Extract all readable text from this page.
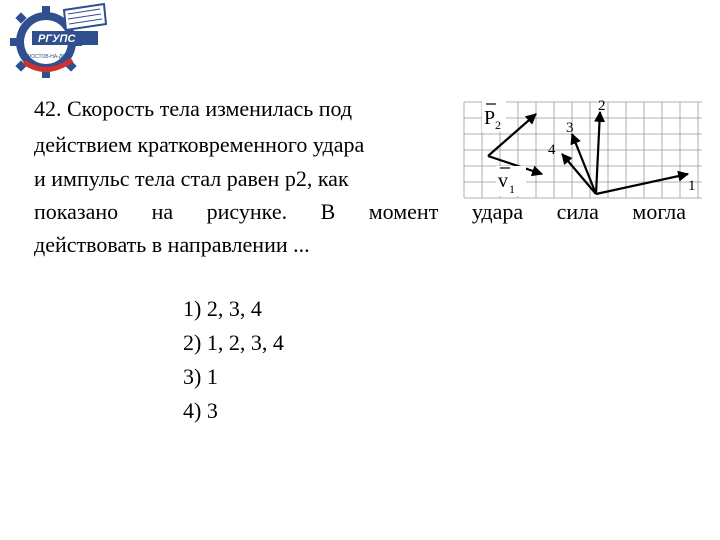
РГУПС
РОСТОВ-НА-ДОНУ
42. Скорость тела изменилась под
действием кратковременного удара
и импульс тела стал равен p2, как
показано на рисунке. В момент удара сила могла
действовать в направлении ...
P 2
v 1	1
2
3
4
1) 2, 3, 4
2) 1, 2, 3, 4
3) 1
4) 3
